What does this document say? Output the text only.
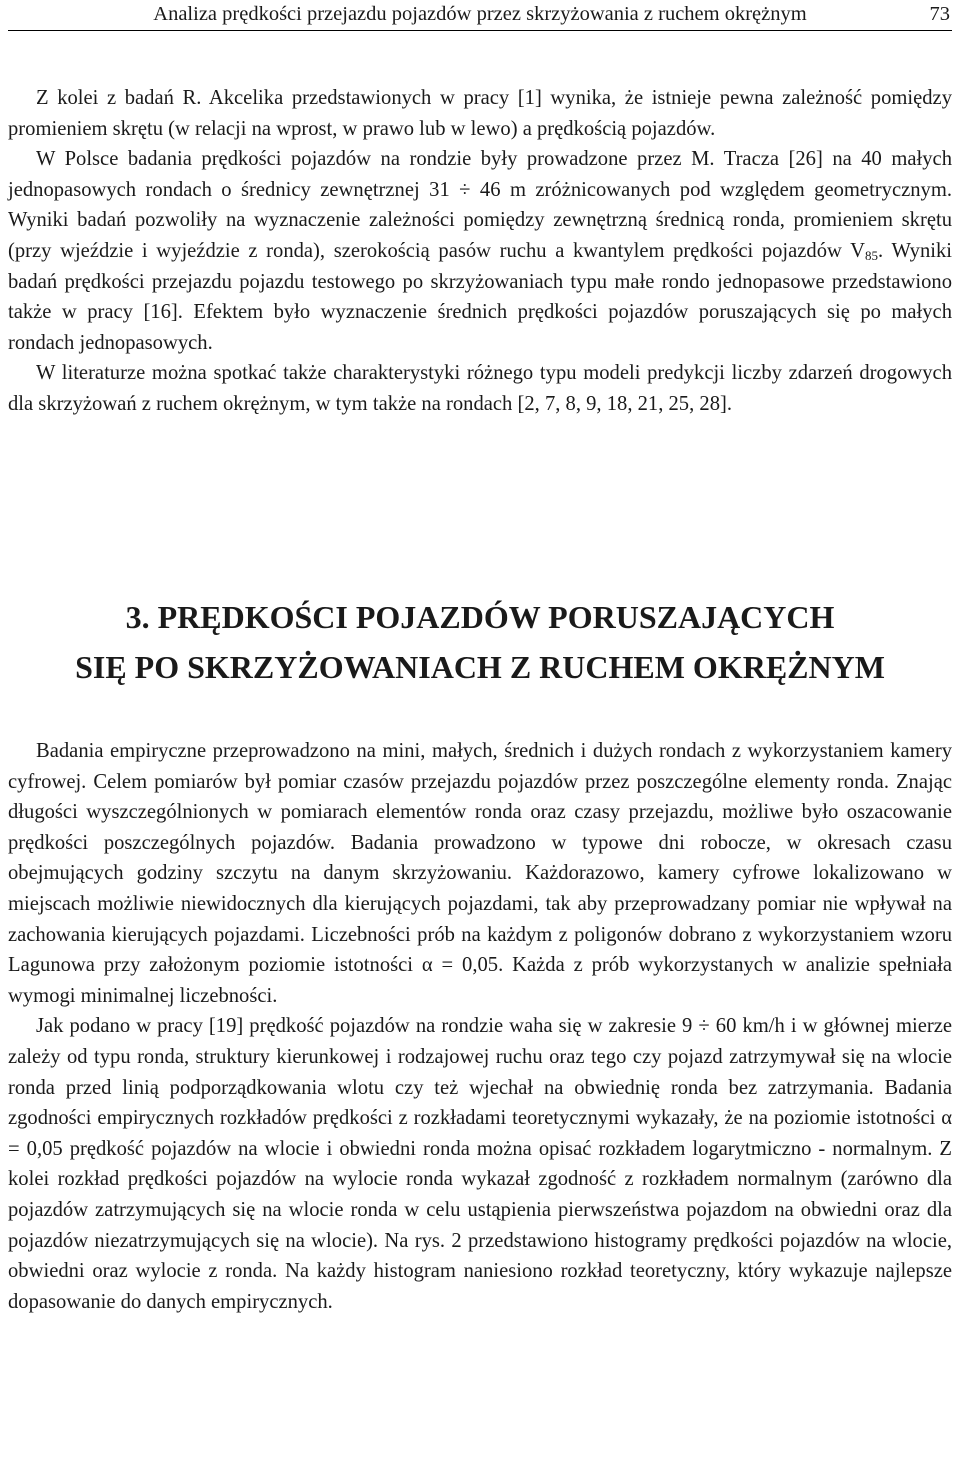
Analiza prędkości przejazdu pojazdów przez skrzyżowania z ruchem okrężnym	73

Z kolei z badań R. Akcelika przedstawionych w pracy [1] wynika, że istnieje pewna zależność pomiędzy promieniem skrętu (w relacji na wprost, w prawo lub w lewo) a prędkością pojazdów.

W Polsce badania prędkości pojazdów na rondzie były prowadzone przez M. Tracza [26] na 40 małych jednopasowych rondach o średnicy zewnętrznej 31 ÷ 46 m zróżnicowanych pod względem geometrycznym. Wyniki badań pozwoliły na wyznaczenie zależności pomiędzy zewnętrzną średnicą ronda, promieniem skrętu (przy wjeździe i wyjeździe z ronda), szerokością pasów ruchu a kwantylem prędkości pojazdów $V_{85}$. Wyniki badań prędkości przejazdu pojazdu testowego po skrzyżowaniach typu małe rondo jednopasowe przedstawiono także w pracy [16]. Efektem było wyznaczenie średnich prędkości pojazdów poruszających się po małych rondach jednopasowych.

W literaturze można spotkać także charakterystyki różnego typu modeli predykcji liczby zdarzeń drogowych dla skrzyżowań z ruchem okrężnym, w tym także na rondach [2, 7, 8, 9, 18, 21, 25, 28].

3. PRĘDKOŚCI POJAZDÓW PORUSZAJĄCYCH
SIĘ PO SKRZYŻOWANIACH Z RUCHEM OKRĘŻNYM

Badania empiryczne przeprowadzono na mini, małych, średnich i dużych rondach z wykorzystaniem kamery cyfrowej. Celem pomiarów był pomiar czasów przejazdu pojazdów przez poszczególne elementy ronda. Znając długości wyszczególnionych w pomiarach elementów ronda oraz czasy przejazdu, możliwe było oszacowanie prędkości poszczególnych pojazdów. Badania prowadzono w typowe dni robocze, w okresach czasu obejmujących godziny szczytu na danym skrzyżowaniu. Każdorazowo, kamery cyfrowe lokalizowano w miejscach możliwie niewidocznych dla kierujących pojazdami, tak aby przeprowadzany pomiar nie wpływał na zachowania kierujących pojazdami. Liczebności prób na każdym z poligonów dobrano z wykorzystaniem wzoru Lagunowa przy założonym poziomie istotności α = 0,05. Każda z prób wykorzystanych w analizie spełniała wymogi minimalnej liczebności.

Jak podano w pracy [19] prędkość pojazdów na rondzie waha się w zakresie 9 ÷ 60 km/h i w głównej mierze zależy od typu ronda, struktury kierunkowej i rodzajowej ruchu oraz tego czy pojazd zatrzymywał się na wlocie ronda przed linią podporządkowania wlotu czy też wjechał na obwiednię ronda bez zatrzymania. Badania zgodności empirycznych rozkładów prędkości z rozkładami teoretycznymi wykazały, że na poziomie istotności α = 0,05 prędkość pojazdów na wlocie i obwiedni ronda można opisać rozkładem logarytmiczno - normalnym. Z kolei rozkład prędkości pojazdów na wylocie ronda wykazał zgodność z rozkładem normalnym (zarówno dla pojazdów zatrzymujących się na wlocie ronda w celu ustąpienia pierwszeństwa pojazdom na obwiedni oraz dla pojazdów niezatrzymujących się na wlocie). Na rys. 2 przedstawiono histogramy prędkości pojazdów na wlocie, obwiedni oraz wylocie z ronda. Na każdy histogram naniesiono rozkład teoretyczny, który wykazuje najlepsze dopasowanie do danych empirycznych.
